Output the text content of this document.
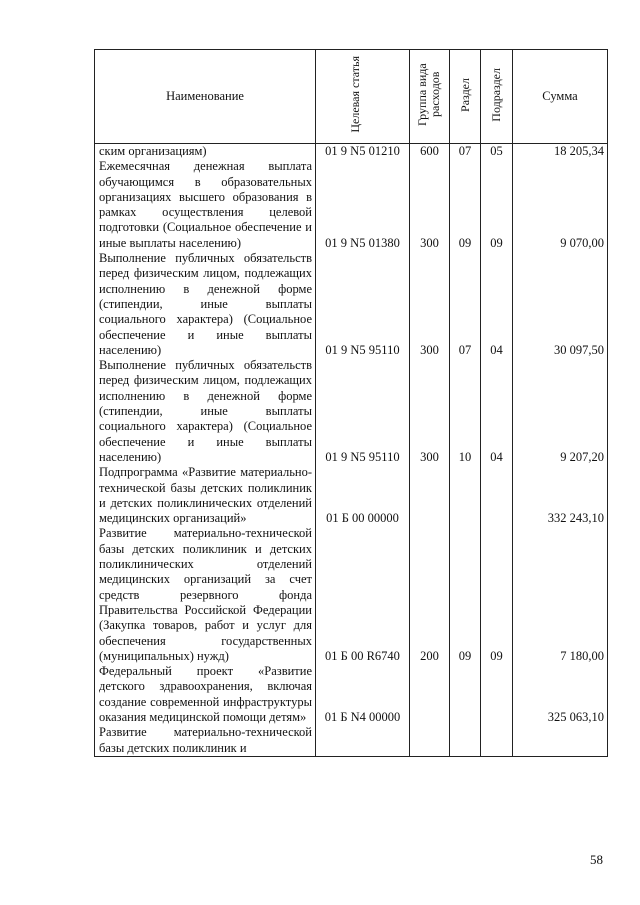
Наименование	Целевая статья	Группа вида расходов	Раздел	Подраздел	Сумма
ским организациям)	01 9 N5 01210	600	07	05	18 205,34
Ежемесячная денежная выплата обучающимся в образовательных организациях высшего образования в рамках осуществления целевой подготовки (Социальное обеспечение и иные выплаты населению)	01 9 N5 01380	300	09	09	9 070,00
Выполнение публичных обязательств перед физическим лицом, подлежащих исполнению в денежной форме (стипендии, иные выплаты социального характера) (Социальное обеспечение и иные выплаты населению)	01 9 N5 95110	300	07	04	30 097,50
Выполнение публичных обязательств перед физическим лицом, подлежащих исполнению в денежной форме (стипендии, иные выплаты социального характера) (Социальное обеспечение и иные выплаты населению)	01 9 N5 95110	300	10	04	9 207,20
Подпрограмма «Развитие материально-технической базы детских поликлиник и детских поликлинических отделений медицинских организаций»	01 Б 00 00000				332 243,10
Развитие материально-технической базы детских поликлиник и детских поликлинических отделений медицинских организаций за счет средств резервного фонда Правительства Российской Федерации (Закупка товаров, работ и услуг для обеспечения государственных (муниципальных) нужд)	01 Б 00 R6740	200	09	09	7 180,00
Федеральный проект «Развитие детского здравоохранения, включая создание современной инфраструктуры оказания медицинской помощи детям»	01 Б N4 00000				325 063,10
Развитие материально-технической базы детских поликлиник и					
58
